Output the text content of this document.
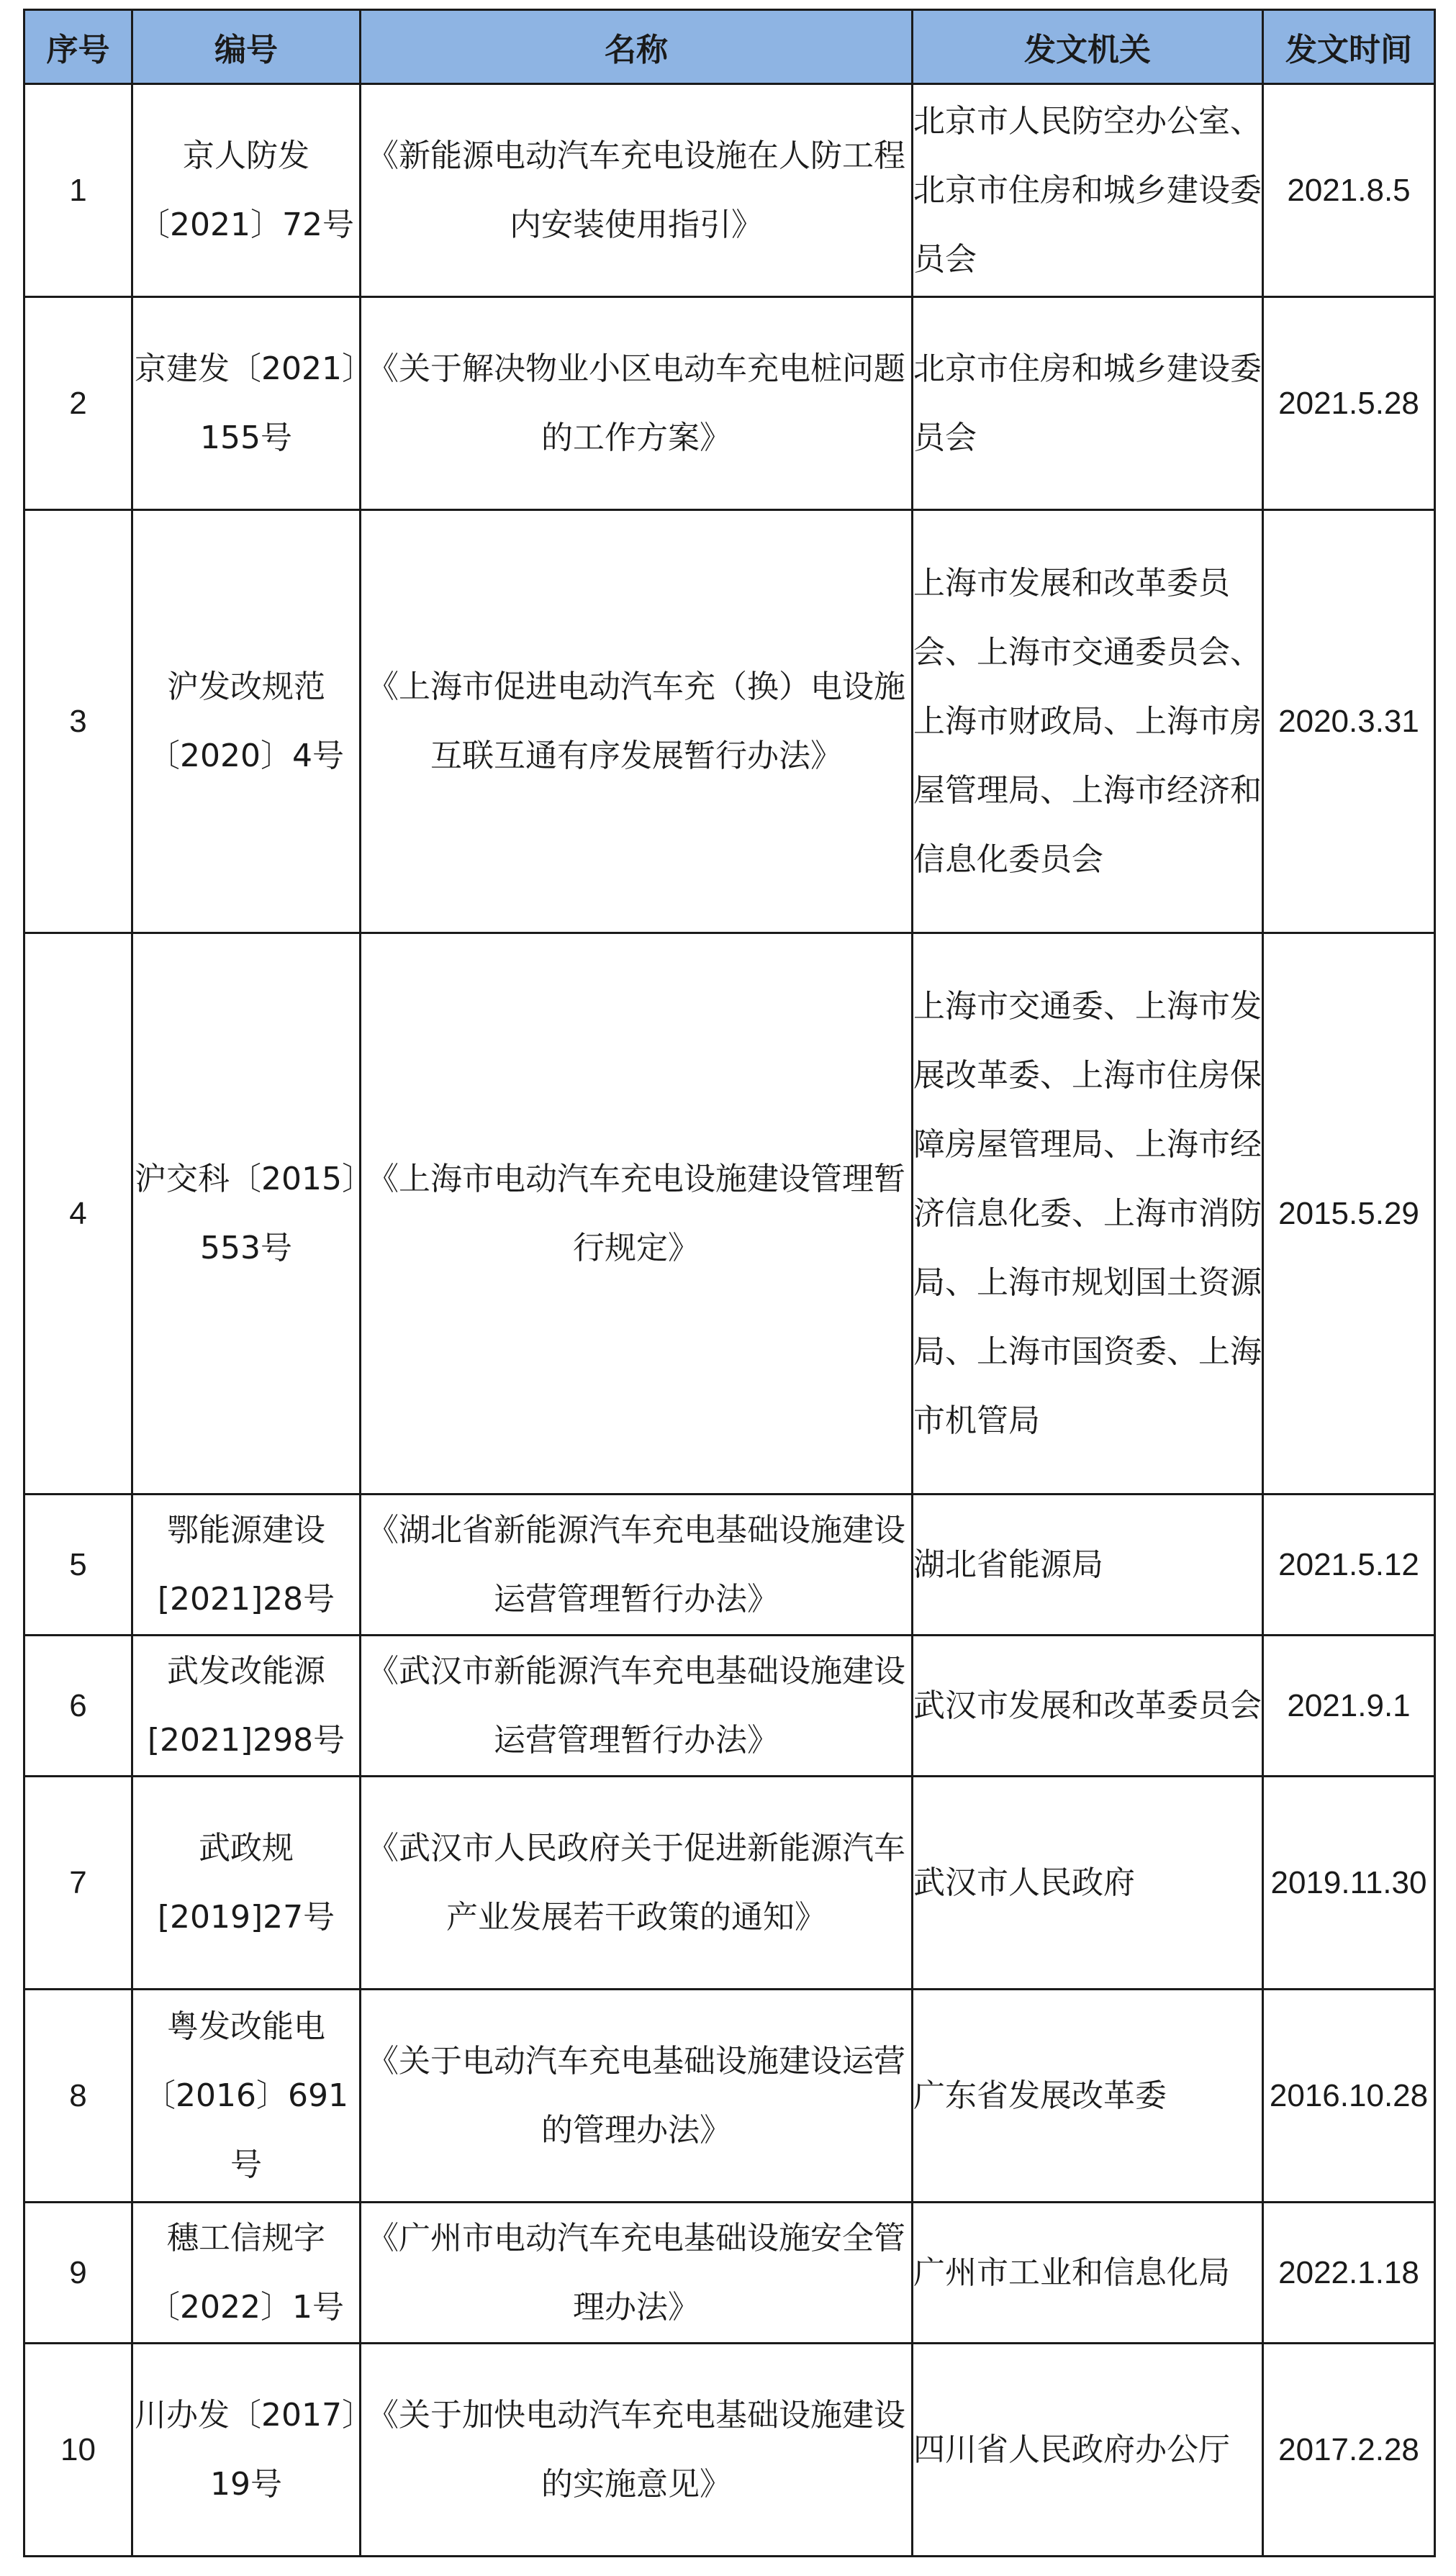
序号	编号	名称	发文机关	发文时间
1	京人防发〔2021〕72号	《新能源电动汽车充电设施在人防工程内安装使用指引》	北京市人民防空办公室、北京市住房和城乡建设委员会	2021.8.5
2	京建发〔2021〕155号	《关于解决物业小区电动车充电桩问题的工作方案》	北京市住房和城乡建设委员会	2021.5.28
3	沪发改规范〔2020〕4号	《上海市促进电动汽车充（换）电设施互联互通有序发展暂行办法》	上海市发展和改革委员会、上海市交通委员会、上海市财政局、上海市房屋管理局、上海市经济和信息化委员会	2020.3.31
4	沪交科〔2015〕553号	《上海市电动汽车充电设施建设管理暂行规定》	上海市交通委、上海市发展改革委、上海市住房保障房屋管理局、上海市经济信息化委、上海市消防局、上海市规划国土资源局、上海市国资委、上海市机管局	2015.5.29
5	鄂能源建设[2021]28号	《湖北省新能源汽车充电基础设施建设运营管理暂行办法》	湖北省能源局	2021.5.12
6	武发改能源[2021]298号	《武汉市新能源汽车充电基础设施建设运营管理暂行办法》	武汉市发展和改革委员会	2021.9.1
7	武政规[2019]27号	《武汉市人民政府关于促进新能源汽车产业发展若干政策的通知》	武汉市人民政府	2019.11.30
8	粤发改能电〔2016〕691号	《关于电动汽车充电基础设施建设运营的管理办法》	广东省发展改革委	2016.10.28
9	穗工信规字〔2022〕1号	《广州市电动汽车充电基础设施安全管理办法》	广州市工业和信息化局	2022.1.18
10	川办发〔2017〕19号	《关于加快电动汽车充电基础设施建设的实施意见》	四川省人民政府办公厅	2017.2.28
